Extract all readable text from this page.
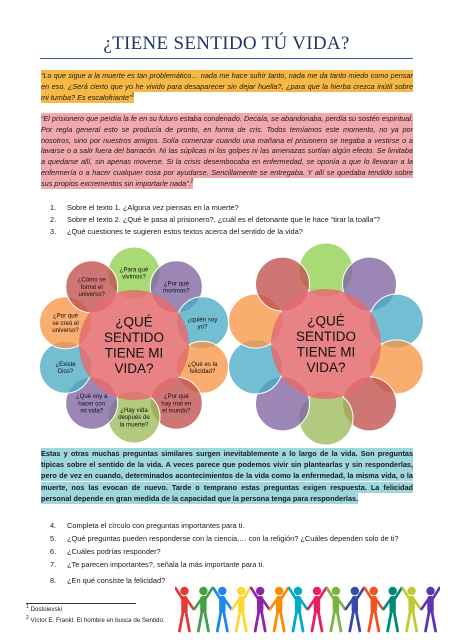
¿TIENE SENTIDO TÚ VIDA?
“Lo que sigue a la muerte es tan problemático… nada me hace sufrir tanto, nada me da tanto miedo como pensar en eso. ¿Será cierto que yo he vivido para desaparecer sin dejar huella?, ¿para que la hierba crezca inútil sobre mi tumba? Es escalofriante”$^1$
“El prisionero que perdía la fe en su futuro estaba condenado. Decaía, se abandonaba, perdía su sostén espiritual. Por regla general esto se producía de pronto, en forma de cris. Todos temíamos este momento, no ya por nosotros, sino por nuestros amigos. Solía comenzar cuando una mañana el prisionero se negaba a vestirse o a lavarse o a salir fuera del barracón. Ni las súplicas ni los golpes ni las amenazas surtían algún efecto. Se limitaba a quedarse allí, sin apenas moverse. Si la crisis desembocaba en enfermedad, se oponía a que lo llevaran a la enfermería o a hacer cualquier cosa por ayudarse. Sencillamente se entregaba. Y allí se quedaba tendido sobre sus propios excrementos sin importarle nada”.$^2$
1. Sobre el texto 1. ¿Alguna vez piensas en la muerte?
2. Sobre el texto 2. ¿Qué le pasa al prisionero?, ¿cuál es el detonante que le hace “tirar la toalla”?
3. ¿Qué cuestiones te sugieren estos textos acerca del sentido de la vida?
¿Para qué vivimos?
¿Por qué morimos?
¿quién soy yo?
¿Qué es la felicidad?
¿Por qué hay mal en el mundo?
¿Hay vida después de la muerte?
¿Qué voy a hacer con mi vida?
¿Existe Dios?
¿Por qué se creó el universo?
¿Cómo se formó el universo?
¿QUÉ SENTIDO TIENE MI VIDA?
¿QUÉ SENTIDO TIENE MI VIDA?
Estas y otras muchas preguntas similares surgen inevitablemente a lo largo de la vida. Son preguntas típicas sobre el sentido de la vida. A veces parece que podemos vivir sin plantearlas y sin responderlas, pero de vez en cuando, determinados acontecimientos de la vida como la enfermedad, la misma vida, o la muerte, nos las evocan de nuevo. Tarde o temprano estas preguntas exigen respuesta. La felicidad personal depende en gran medida de la capacidad que la persona tenga para responderlas.
4. Completa el círculo con preguntas importantes para ti.
5. ¿Qué preguntas pueden responderse con la ciencia,… con la religión? ¿Cuáles dependen solo de ti?
6. ¿Cuáles podrías responder?
7. ¿Te parecen importantes?, señala la más importante para ti.
8. ¿En qué consiste la felicidad?
$^1$ Dostoievski
$^2$ Víctor E. Frankl. El hombre en busca de Sentido.
